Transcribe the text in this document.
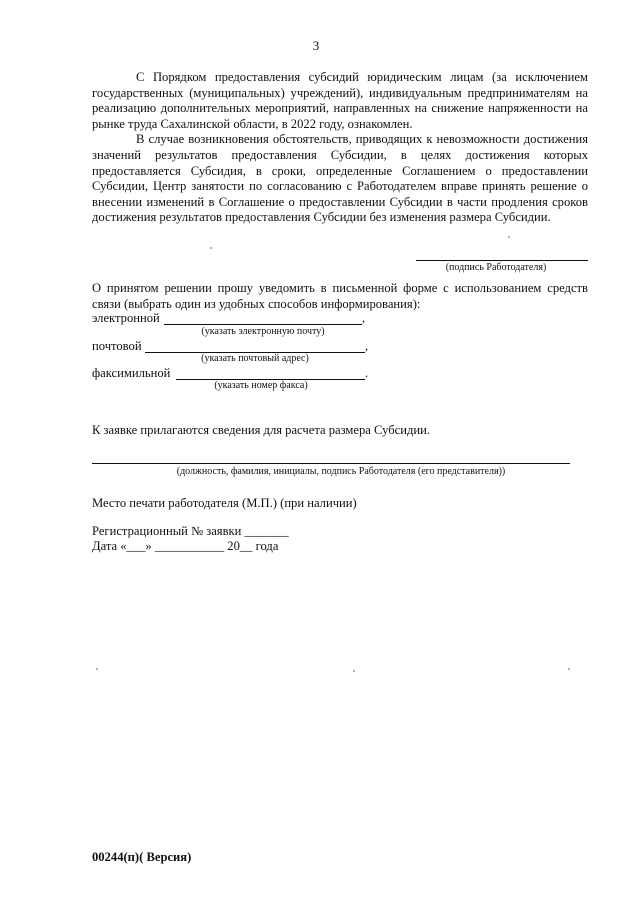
3

С Порядком предоставления субсидий юридическим лицам (за исключением государственных (муниципальных) учреждений), индивидуальным предпринимателям на реализацию дополнительных мероприятий, направленных на снижение напряженности на рынке труда Сахалинской области, в 2022 году, ознакомлен.

В случае возникновения обстоятельств, приводящих к невозможности достижения значений результатов предоставления Субсидии, в целях достижения которых предоставляется Субсидия, в сроки, определенные Соглашением о предоставлении Субсидии, Центр занятости по согласованию с Работодателем вправе принять решение о внесении изменений в Соглашение о предоставлении Субсидии в части продления сроков достижения результатов предоставления Субсидии без изменения размера Субсидии.

(подпись Работодателя)
О принятом решении прошу уведомить в письменной форме с использованием средств связи (выбрать один из удобных способов информирования):
электронной	,
(указать электронную почту)
почтовой	,
(указать почтовый адрес)
факсимильной	.
(указать номер факса)
К заявке прилагаются сведения для расчета размера Субсидии.
(должность, фамилия, инициалы, подпись Работодателя (его представителя))
Место печати работодателя (М.П.) (при наличии)
Регистрационный № заявки _______
Дата «___» ___________ 20__ года
00244(п)( Версия)
